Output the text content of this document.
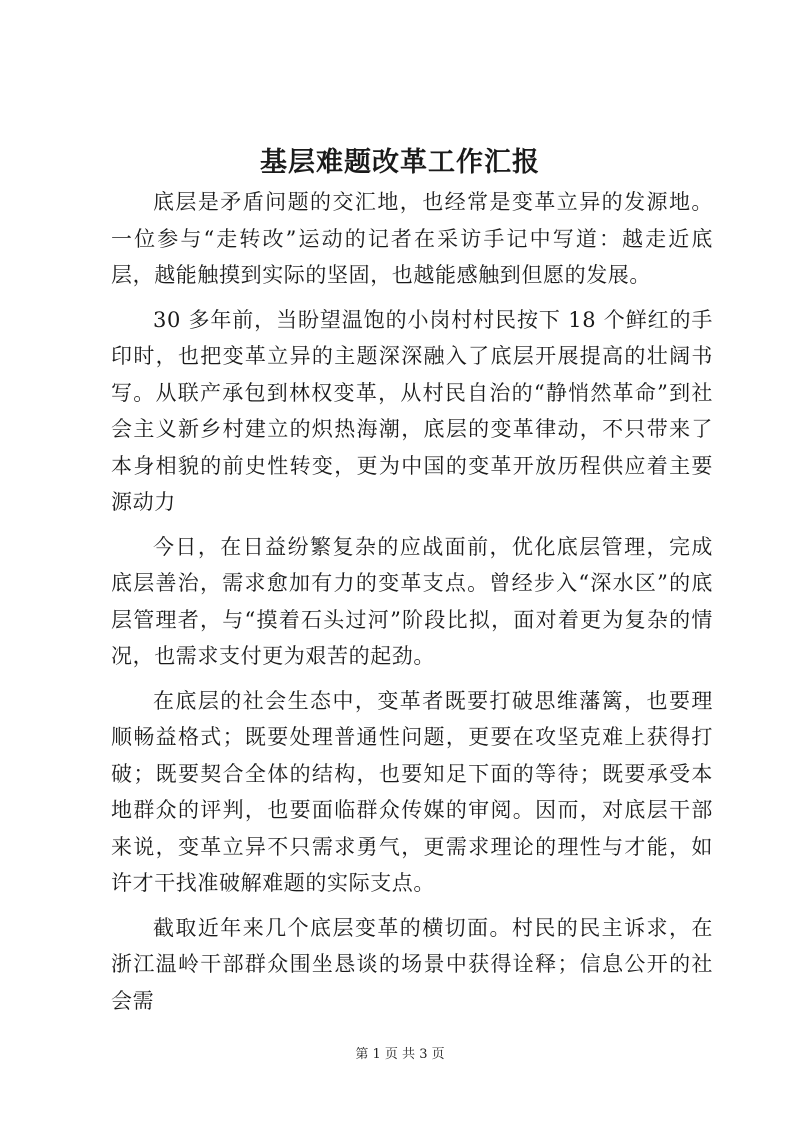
基层难题改革工作汇报

底层是矛盾问题的交汇地，也经常是变革立异的发源地。一位参与“走转改”运动的记者在采访手记中写道：越走近底层，越能触摸到实际的坚固，也越能感触到但愿的发展。

30 多年前，当盼望温饱的小岗村村民按下 18 个鲜红的手印时，也把变革立异的主题深深融入了底层开展提高的壮阔书写。从联产承包到林权变革，从村民自治的“静悄然革命”到社会主义新乡村建立的炽热海潮，底层的变革律动，不只带来了本身相貌的前史性转变，更为中国的变革开放历程供应着主要源动力

今日，在日益纷繁复杂的应战面前，优化底层管理，完成底层善治，需求愈加有力的变革支点。曾经步入“深水区”的底层管理者，与“摸着石头过河”阶段比拟，面对着更为复杂的情况，也需求支付更为艰苦的起劲。

在底层的社会生态中，变革者既要打破思维藩篱，也要理顺畅益格式；既要处理普通性问题，更要在攻坚克难上获得打破；既要契合全体的结构，也要知足下面的等待；既要承受本地群众的评判，也要面临群众传媒的审阅。因而，对底层干部来说，变革立异不只需求勇气，更需求理论的理性与才能，如许才干找准破解难题的实际支点。

截取近年来几个底层变革的横切面。村民的民主诉求，在浙江温岭干部群众围坐恳谈的场景中获得诠释；信息公开的社会需

第 1 页 共 3 页
